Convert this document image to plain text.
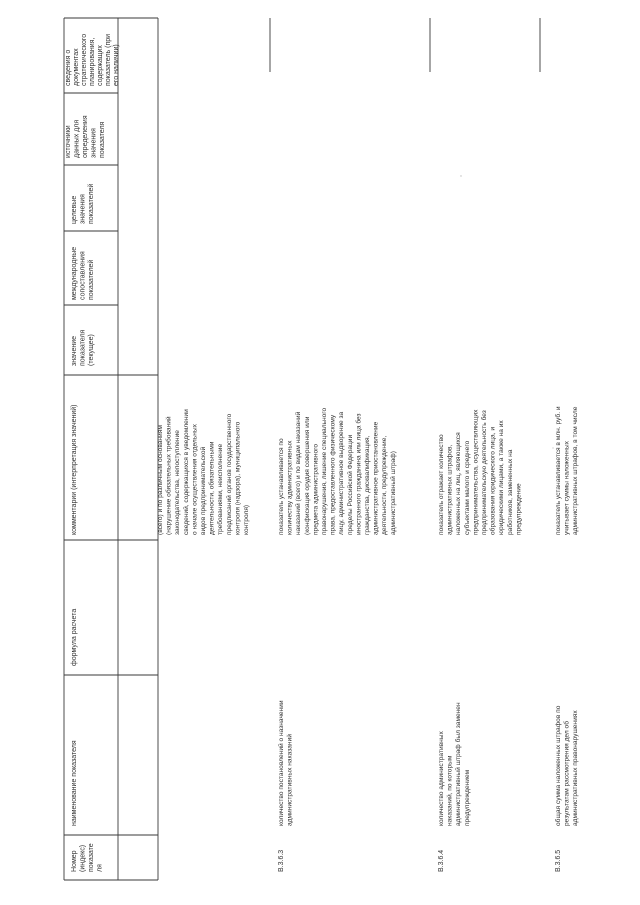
Номер (индекс) показате ля
наименование показателя
формула расчета
комментарии (интерпретация значений)
значение показателя (текущее)
международные сопоставления показателей
целевые значения показателей
источники данных для определения значения показателя
сведения о документах стратегического планирования, содержащих показатель (при его наличии)
(всего) и по различным основаниям (нарушение обязательных требований законодательства, непоступление сведений, содержащихся в уведомлении о начале осуществления отдельных видов предпринимательской деятельности, обязательными требованиями, неисполнение предписаний органов государственного контроля (надзора), муниципального контроля)
В.3.6.3
количество постановлений о назначении административных наказаний
показатель устанавливается по количеству административных наказаний (всего) и по видам наказаний (конфискация орудия совершения или предмета административного правонарушения, лишение специального права, предоставленного физическому лицу, административное выдворение за пределы Российской Федерации иностранного гражданина или лица без гражданства, дисквалификация, административное приостановление деятельности, предупреждение, административный штраф)
В.3.6.4
количество административных наказаний, по которым административный штраф был заменен предупреждением
показатель отражает количество административных штрафов, наложенных на лиц, являющихся субъектами малого и среднего предпринимательства, осуществляющих предпринимательскую деятельность без образования юридического лица, и юридическими лицами, а также на их работников, замененных на предупреждение
В.3.6.5
общая сумма наложенных штрафов по результатам рассмотрения дел об административных правонарушениях
показатель устанавливается в млн. руб. и учитывает суммы наложенных административных штрафов, в том числе
